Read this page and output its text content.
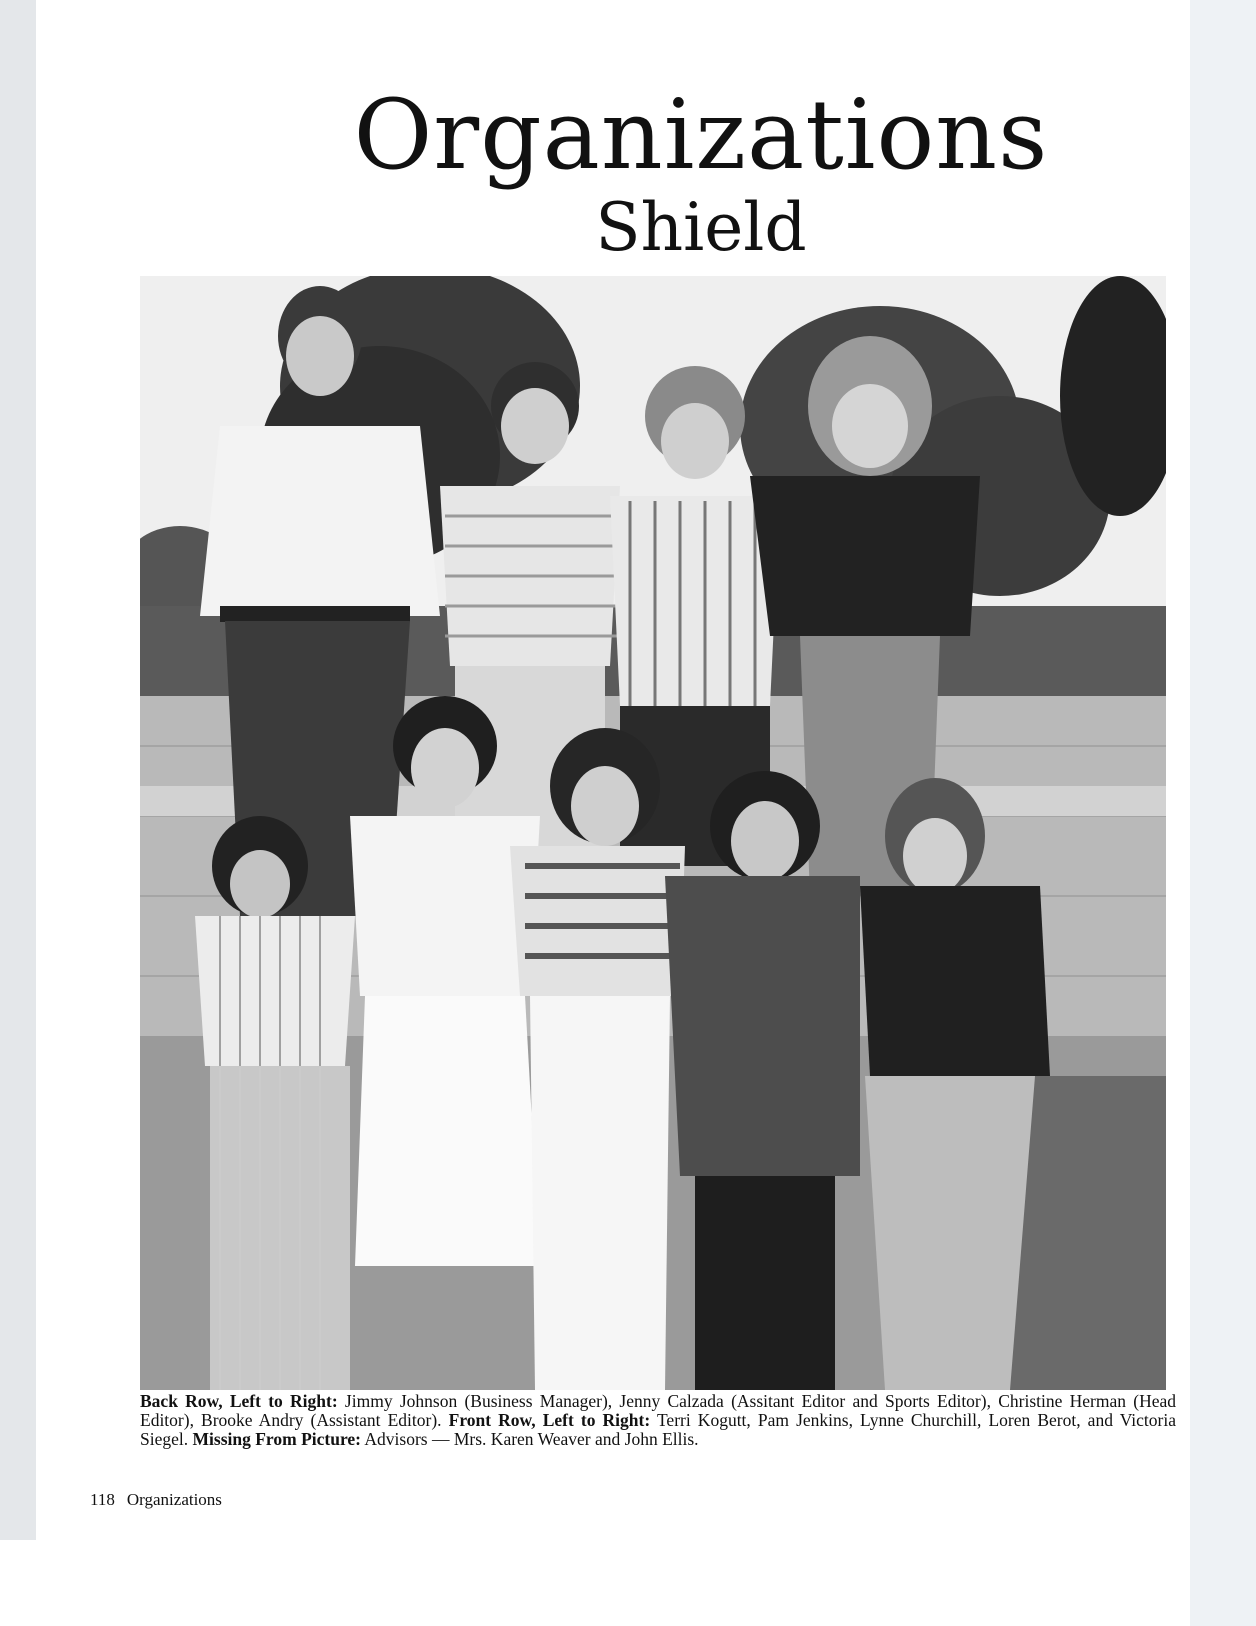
Organizations
Shield

Back Row, Left to Right: Jimmy Johnson (Business Manager), Jenny Calzada (Assitant Editor and Sports Editor), Christine Herman (Head Editor), Brooke Andry (Assistant Editor). Front Row, Left to Right: Terri Kogutt, Pam Jenkins, Lynne Churchill, Loren Berot, and Victoria Siegel. Missing From Picture: Advisors — Mrs. Karen Weaver and John Ellis.

118 Organizations
